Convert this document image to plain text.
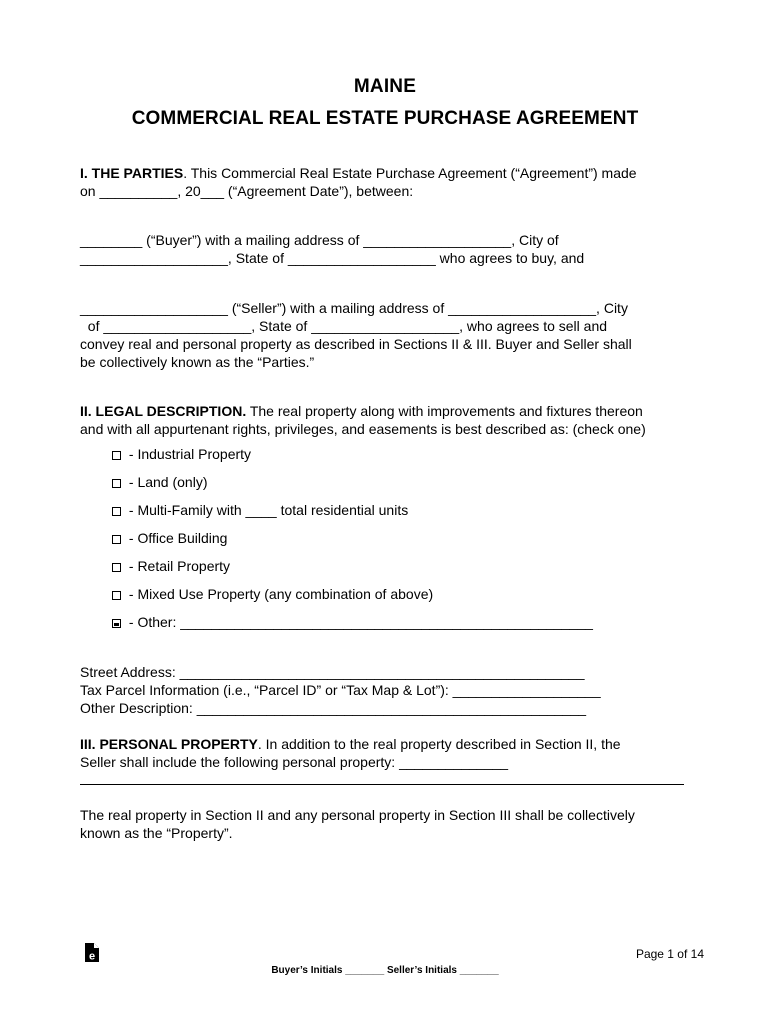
MAINE
COMMERCIAL REAL ESTATE PURCHASE AGREEMENT
I. THE PARTIES. This Commercial Real Estate Purchase Agreement (“Agreement”) made
on __________, 20___ (“Agreement Date”), between:
________ (“Buyer”) with a mailing address of ___________________, City of
___________________, State of ___________________ who agrees to buy, and
___________________ (“Seller”) with a mailing address of ___________________, City
of ___________________, State of ___________________, who agrees to sell and
convey real and personal property as described in Sections II & III. Buyer and Seller shall
be collectively known as the “Parties.”
II. LEGAL DESCRIPTION. The real property along with improvements and fixtures thereon
and with all appurtenant rights, privileges, and easements is best described as: (check one)
- Industrial Property
- Land (only)
- Multi-Family with ____ total residential units
- Office Building
- Retail Property
- Mixed Use Property (any combination of above)
- Other: _____________________________________________________
Street Address: ____________________________________________________
Tax Parcel Information (i.e., “Parcel ID” or “Tax Map & Lot”): ___________________
Other Description: __________________________________________________
III. PERSONAL PROPERTY. In addition to the real property described in Section II, the
Seller shall include the following personal property: ______________
The real property in Section II and any personal property in Section III shall be collectively
known as the “Property”.
e	Page 1 of 14
Buyer’s Initials _______ Seller’s Initials _______
